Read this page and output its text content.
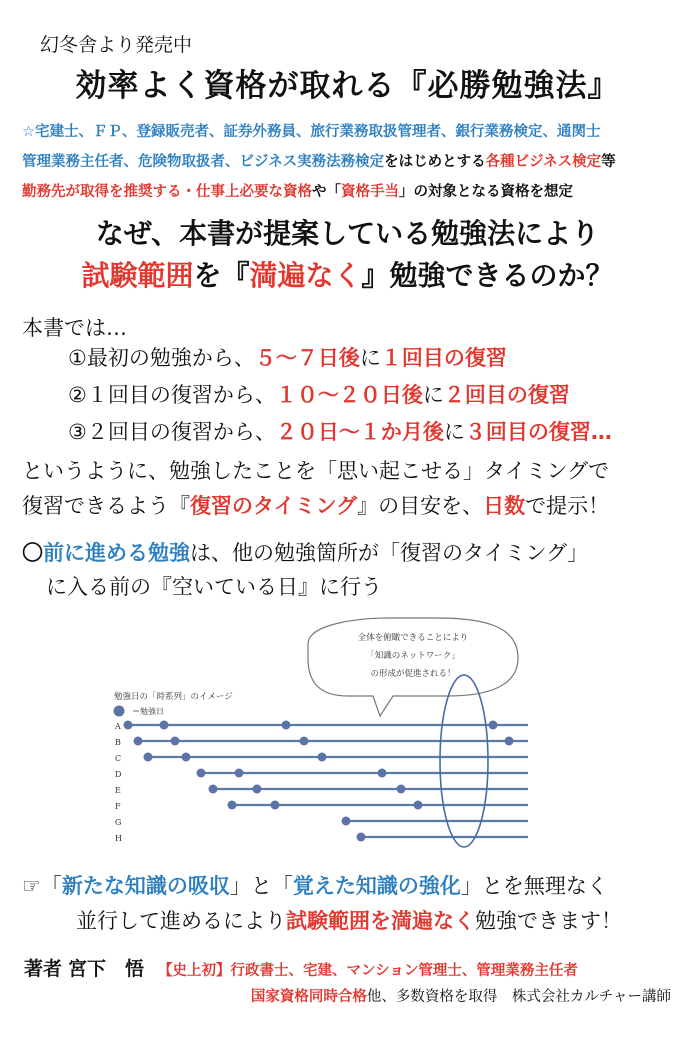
幻冬舎より発売中
効率よく資格が取れる『必勝勉強法』
☆宅建士、ＦＰ、登録販売者、証券外務員、旅行業務取扱管理者、銀行業務検定、通関士
管理業務主任者、危険物取扱者、ビジネス実務法務検定をはじめとする各種ビジネス検定等
勤務先が取得を推奨する・仕事上必要な資格や「資格手当」の対象となる資格を想定
なぜ、本書が提案している勉強法により
試験範囲を『満遍なく』勉強できるのか？
本書では…
①最初の勉強から、５～７日後に１回目の復習
②１回目の復習から、１０～２０日後に２回目の復習
③２回目の復習から、２０日～１か月後に３回目の復習…
というように、勉強したことを「思い起こせる」タイミングで
復習できるよう『復習のタイミング』の目安を、日数で提示！
〇前に進める勉強は、他の勉強箇所が「復習のタイミング」
に入る前の『空いている日』に行う
全体を俯瞰できることにより
「知識のネットワーク」
の形成が促進される！
勉強日の「時系列」のイメージ
＝勉強日
A
B
C
D
E
F
G
H
☞「新たな知識の吸収」と「覚えた知識の強化」とを無理なく
並行して進めるにより試験範囲を満遍なく勉強できます！
著者 宮下　悟 【史上初】行政書士、宅建、マンション管理士、管理業務主任者
国家資格同時合格他、多数資格を取得　株式会社カルチャー講師
